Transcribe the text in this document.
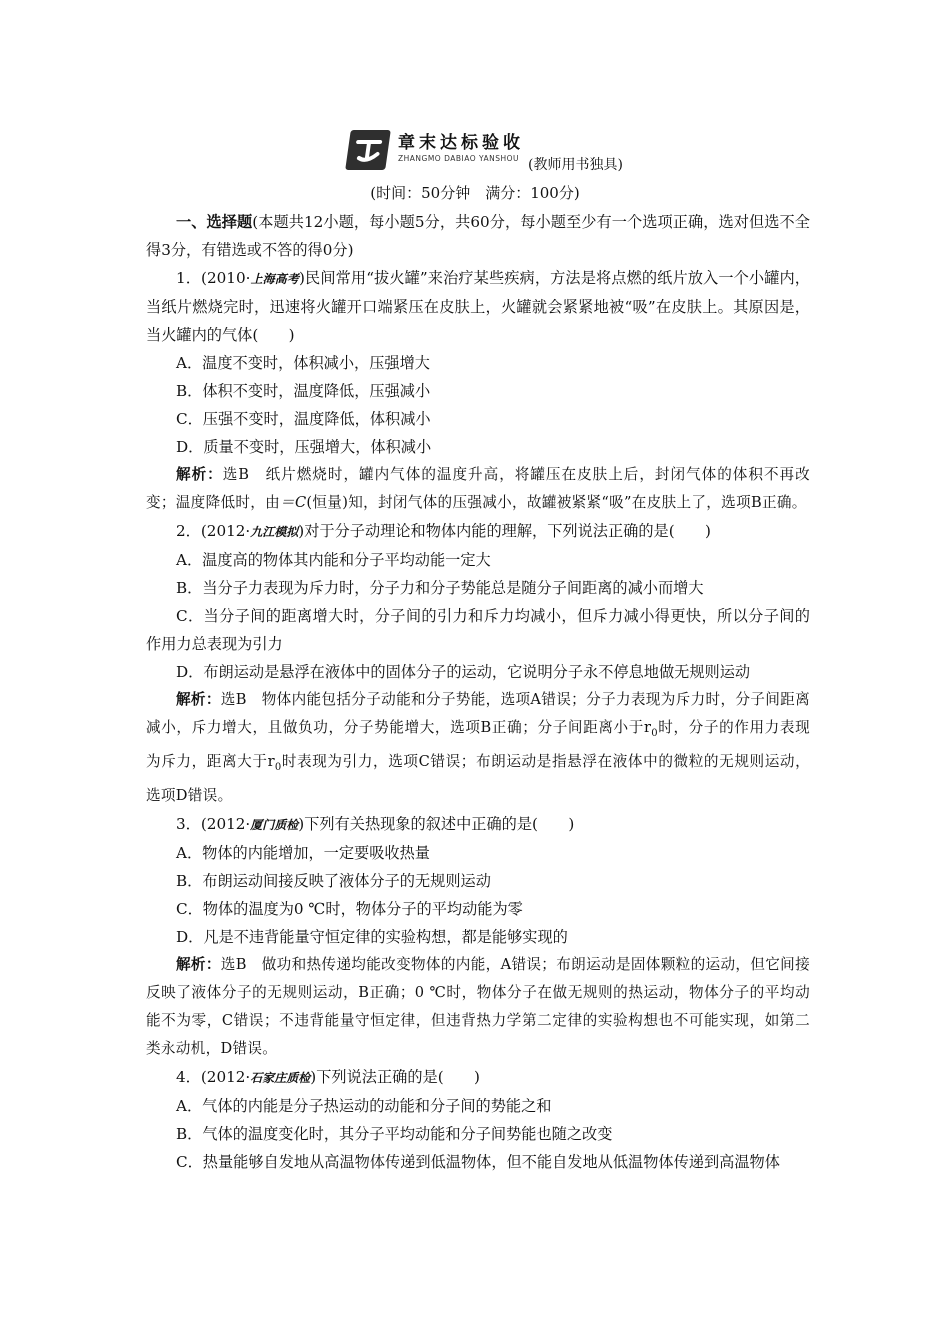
章末达标验收
ZHANGMO DABIAO YANSHOU (教师用书独具)
(时间：50分钟　满分：100分)

一、选择题(本题共12小题，每小题5分，共60分，每小题至少有一个选项正确，选对但选不全得3分，有错选或不答的得0分)

1．(2010·上海高考)民间常用“拔火罐”来治疗某些疾病，方法是将点燃的纸片放入一个小罐内，当纸片燃烧完时，迅速将火罐开口端紧压在皮肤上，火罐就会紧紧地被“吸”在皮肤上。其原因是，当火罐内的气体(　　)

A．温度不变时，体积减小，压强增大

B．体积不变时，温度降低，压强减小

C．压强不变时，温度降低，体积减小

D．质量不变时，压强增大，体积减小

解析：选B　纸片燃烧时，罐内气体的温度升高，将罐压在皮肤上后，封闭气体的体积不再改变；温度降低时，由＝C(恒量)知，封闭气体的压强减小，故罐被紧紧“吸”在皮肤上了，选项B正确。

2．(2012·九江模拟)对于分子动理论和物体内能的理解，下列说法正确的是(　　)

A．温度高的物体其内能和分子平均动能一定大

B．当分子力表现为斥力时，分子力和分子势能总是随分子间距离的减小而增大

C．当分子间的距离增大时，分子间的引力和斥力均减小，但斥力减小得更快，所以分子间的作用力总表现为引力

D．布朗运动是悬浮在液体中的固体分子的运动，它说明分子永不停息地做无规则运动

解析：选B　物体内能包括分子动能和分子势能，选项A错误；分子力表现为斥力时，分子间距离减小，斥力增大，且做负功，分子势能增大，选项B正确；分子间距离小于$r_0$时，分子的作用力表现为斥力，距离大于$r_0$时表现为引力，选项C错误；布朗运动是指悬浮在液体中的微粒的无规则运动，选项D错误。

3．(2012·厦门质检)下列有关热现象的叙述中正确的是(　　)

A．物体的内能增加，一定要吸收热量

B．布朗运动间接反映了液体分子的无规则运动

C．物体的温度为0 ℃时，物体分子的平均动能为零

D．凡是不违背能量守恒定律的实验构想，都是能够实现的

解析：选B　做功和热传递均能改变物体的内能，A错误；布朗运动是固体颗粒的运动，但它间接反映了液体分子的无规则运动，B正确；0 ℃时，物体分子在做无规则的热运动，物体分子的平均动能不为零，C错误；不违背能量守恒定律，但违背热力学第二定律的实验构想也不可能实现，如第二类永动机，D错误。

4．(2012·石家庄质检)下列说法正确的是(　　)

A．气体的内能是分子热运动的动能和分子间的势能之和

B．气体的温度变化时，其分子平均动能和分子间势能也随之改变

C．热量能够自发地从高温物体传递到低温物体，但不能自发地从低温物体传递到高温物体
